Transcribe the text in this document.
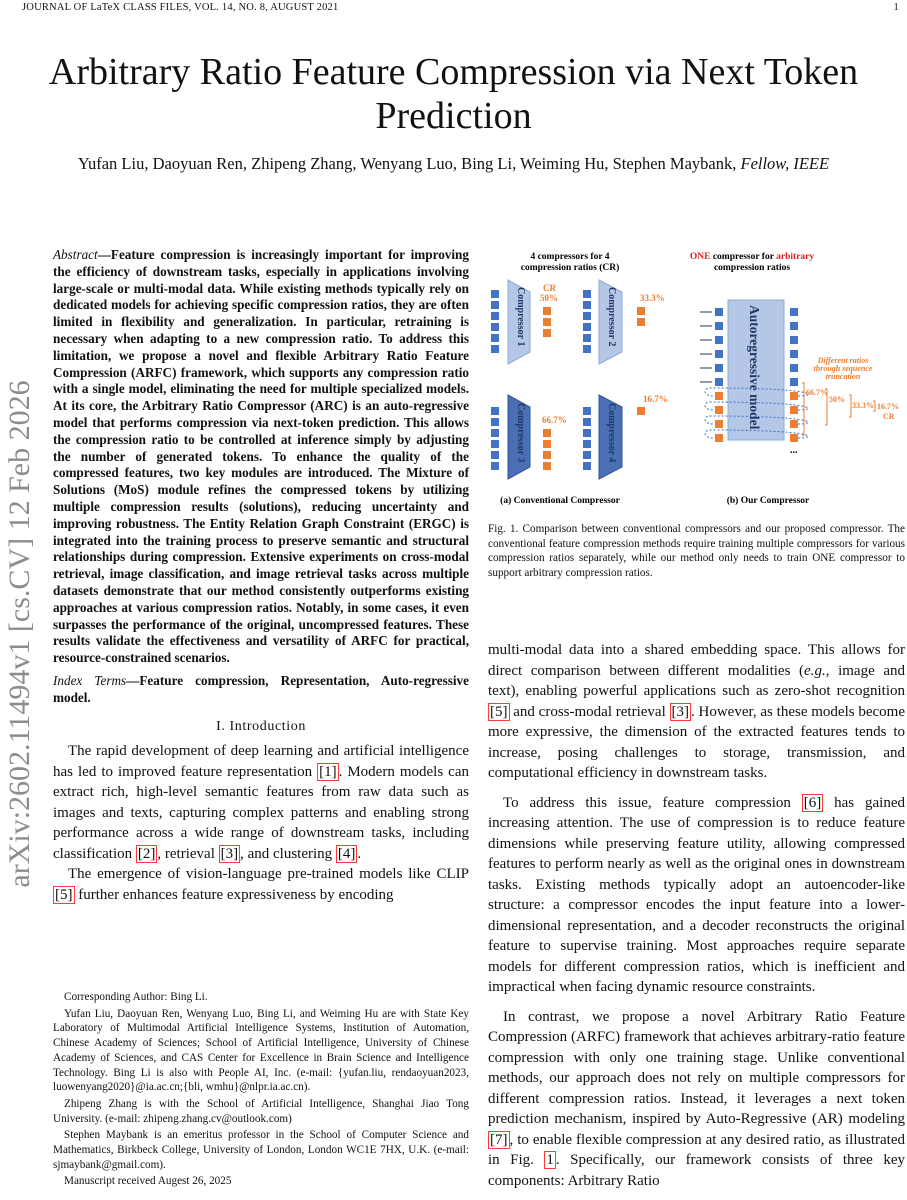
JOURNAL OF LaTeX CLASS FILES, VOL. 14, NO. 8, AUGUST 2021	1
Arbitrary Ratio Feature Compression via Next Token Prediction
Yufan Liu, Daoyuan Ren, Zhipeng Zhang, Wenyang Luo, Bing Li, Weiming Hu, Stephen Maybank, Fellow, IEEE
arXiv:2602.11494v1 [cs.CV] 12 Feb 2026
Abstract—Feature compression is increasingly important for improving the efficiency of downstream tasks, especially in applications involving large-scale or multi-modal data. While existing methods typically rely on dedicated models for achieving specific compression ratios, they are often limited in flexibility and generalization. In particular, retraining is necessary when adapting to a new compression ratio. To address this limitation, we propose a novel and flexible Arbitrary Ratio Feature Compression (ARFC) framework, which supports any compression ratio with a single model, eliminating the need for multiple specialized models. At its core, the Arbitrary Ratio Compressor (ARC) is an auto-regressive model that performs compression via next-token prediction. This allows the compression ratio to be controlled at inference simply by adjusting the number of generated tokens. To enhance the quality of the compressed features, two key modules are introduced. The Mixture of Solutions (MoS) module refines the compressed tokens by utilizing multiple compression results (solutions), reducing uncertainty and improving robustness. The Entity Relation Graph Constraint (ERGC) is integrated into the training process to preserve semantic and structural relationships during compression. Extensive experiments on cross-modal retrieval, image classification, and image retrieval tasks across multiple datasets demonstrate that our method consistently outperforms existing approaches at various compression ratios. Notably, in some cases, it even surpasses the performance of the original, uncompressed features. These results validate the effectiveness and versatility of ARFC for practical, resource-constrained scenarios.
Index Terms—Feature compression, Representation, Auto-regressive model.
I. Introduction

The rapid development of deep learning and artificial intelligence has led to improved feature representation [1] . Modern models can extract rich, high-level semantic features from raw data such as images and texts, capturing complex patterns and enabling strong performance across a wide range of downstream tasks, including classification [2] , retrieval [3] , and clustering [4] .

The emergence of vision-language pre-trained models like CLIP [5] further enhances feature expressiveness by encoding

Corresponding Author: Bing Li.

Yufan Liu, Daoyuan Ren, Wenyang Luo, Bing Li, and Weiming Hu are with State Key Laboratory of Multimodal Artificial Intelligence Systems, Institution of Automation, Chinese Academy of Sciences; School of Artificial Intelligence, University of Chinese Academy of Sciences, and CAS Center for Excellence in Brain Science and Intelligence Technology. Bing Li is also with People AI, Inc. (e-mail: {yufan.liu, rendaoyuan2023, luowenyang2020}@ia.ac.cn;{bli, wmhu}@nlpr.ia.ac.cn).

Zhipeng Zhang is with the School of Artificial Intelligence, Shanghai Jiao Tong University. (e-mail: zhipeng.zhang.cv@outlook.com)

Stephen Maybank is an emeritus professor in the School of Computer Science and Mathematics, Birkbeck College, University of London, London WC1E 7HX, U.K. (e-mail: sjmaybank@gmail.com).

Manuscript received Augest 26, 2025

4 compressors for 4
compression ratios (CR)
ONE compressor for arbitrary
compression ratios
Compressor 1 CR
50%	Compressor 2	33.3%
Compressor 3 66.7%	Compressor 4
16.7%	Autoregressive model
...
Different ratios
through sequence
truncation
66.7%
50%
33.3% 16.7%
CR
(a) Conventional Compressor	(b) Our Compressor
Fig. 1. Comparison between conventional compressors and our proposed compressor. The conventional feature compression methods require training multiple compressors for various compression ratios separately, while our method only needs to train ONE compressor to support arbitrary compression ratios.

multi-modal data into a shared embedding space. This allows for direct comparison between different modalities (e.g., image and text), enabling powerful applications such as zero-shot recognition [5] and cross-modal retrieval [3] . However, as these models become more expressive, the dimension of the extracted features tends to increase, posing challenges to storage, transmission, and computational efficiency in downstream tasks.

To address this issue, feature compression [6] has gained increasing attention. The use of compression is to reduce feature dimensions while preserving feature utility, allowing compressed features to perform nearly as well as the original ones in downstream tasks. Existing methods typically adopt an autoencoder-like structure: a compressor encodes the input feature into a lower-dimensional representation, and a decoder reconstructs the original feature to supervise training. Most approaches require separate models for different compression ratios, which is inefficient and impractical when facing dynamic resource constraints.

In contrast, we propose a novel Arbitrary Ratio Feature Compression (ARFC) framework that achieves arbitrary-ratio feature compression with only one training stage. Unlike conventional methods, our approach does not rely on multiple compressors for different compression ratios. Instead, it leverages a next token prediction mechanism, inspired by Auto-Regressive (AR) modeling [7] , to enable flexible compression at any desired ratio, as illustrated in Fig. 1 . Specifically, our framework consists of three key components: Arbitrary Ratio
